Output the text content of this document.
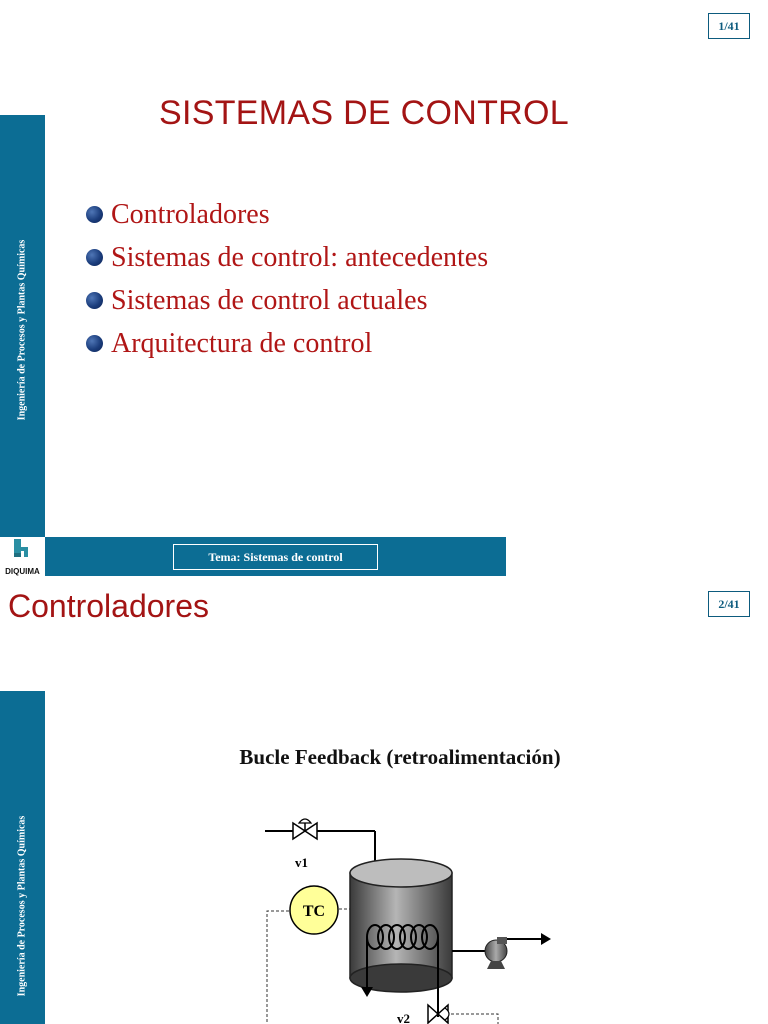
1/41
Ingeniería de Procesos y Plantas Químicas
SISTEMAS DE CONTROL
Controladores
Sistemas de control: antecedentes
Sistemas de control actuales
Arquitectura de control
DIQUIMA
Tema: Sistemas de control
Controladores	2/41
Ingeniería de Procesos y Plantas Químicas
Bucle Feedback (retroalimentación)
v1
v2
TC
